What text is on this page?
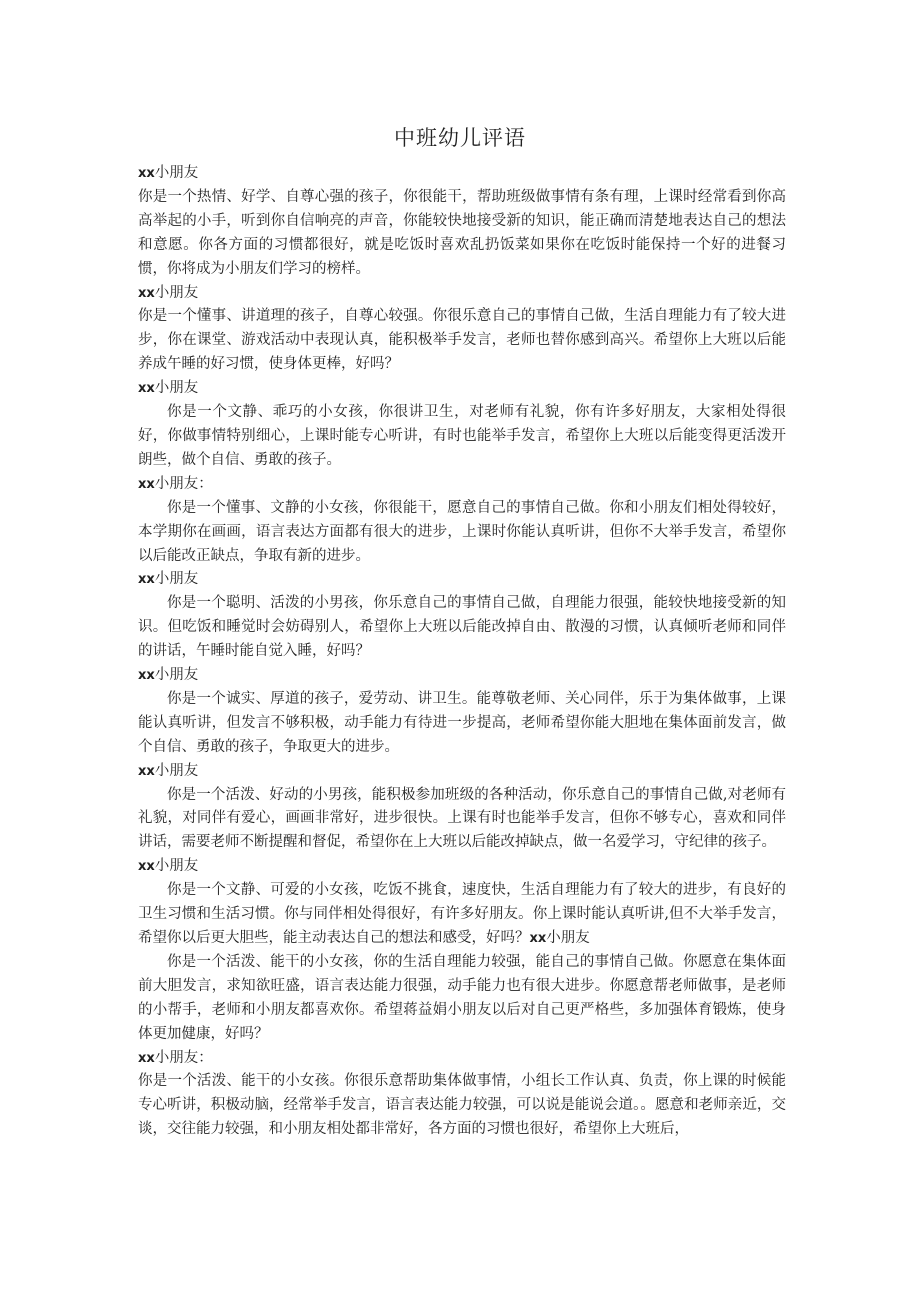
中班幼儿评语

xx小朋友

你是一个热情、好学、自尊心强的孩子，你很能干，帮助班级做事情有条有理，上课时经常看到你高高举起的小手，听到你自信响亮的声音，你能较快地接受新的知识，能正确而清楚地表达自己的想法和意愿。你各方面的习惯都很好，就是吃饭时喜欢乱扔饭菜如果你在吃饭时能保持一个好的进餐习惯，你将成为小朋友们学习的榜样。

xx小朋友

你是一个懂事、讲道理的孩子，自尊心较强。你很乐意自己的事情自己做，生活自理能力有了较大进步，你在课堂、游戏活动中表现认真，能积极举手发言，老师也替你感到高兴。希望你上大班以后能养成午睡的好习惯，使身体更棒，好吗？

xx小朋友

你是一个文静、乖巧的小女孩，你很讲卫生，对老师有礼貌，你有许多好朋友，大家相处得很好，你做事情特别细心，上课时能专心听讲，有时也能举手发言，希望你上大班以后能变得更活泼开朗些，做个自信、勇敢的孩子。

xx小朋友：

你是一个懂事、文静的小女孩，你很能干，愿意自己的事情自己做。你和小朋友们相处得较好，本学期你在画画，语言表达方面都有很大的进步，上课时你能认真听讲，但你不大举手发言，希望你以后能改正缺点，争取有新的进步。

xx小朋友

你是一个聪明、活泼的小男孩，你乐意自己的事情自己做，自理能力很强，能较快地接受新的知识。但吃饭和睡觉时会妨碍别人，希望你上大班以后能改掉自由、散漫的习惯，认真倾听老师和同伴的讲话，午睡时能自觉入睡，好吗？

xx小朋友

你是一个诚实、厚道的孩子，爱劳动、讲卫生。能尊敬老师、关心同伴，乐于为集体做事，上课能认真听讲，但发言不够积极，动手能力有待进一步提高，老师希望你能大胆地在集体面前发言，做个自信、勇敢的孩子，争取更大的进步。

xx小朋友

你是一个活泼、好动的小男孩，能积极参加班级的各种活动，你乐意自己的事情自己做,对老师有礼貌，对同伴有爱心，画画非常好，进步很快。上课有时也能举手发言，但你不够专心，喜欢和同伴讲话，需要老师不断提醒和督促，希望你在上大班以后能改掉缺点，做一名爱学习，守纪律的孩子。

xx小朋友

你是一个文静、可爱的小女孩，吃饭不挑食，速度快，生活自理能力有了较大的进步，有良好的卫生习惯和生活习惯。你与同伴相处得很好，有许多好朋友。你上课时能认真听讲,但不大举手发言，希望你以后更大胆些，能主动表达自己的想法和感受，好吗？xx小朋友

你是一个活泼、能干的小女孩，你的生活自理能力较强，能自己的事情自己做。你愿意在集体面前大胆发言，求知欲旺盛，语言表达能力很强，动手能力也有很大进步。你愿意帮老师做事，是老师的小帮手，老师和小朋友都喜欢你。希望蒋益娟小朋友以后对自己更严格些，多加强体育锻炼，使身体更加健康，好吗？

xx小朋友：

你是一个活泼、能干的小女孩。你很乐意帮助集体做事情，小组长工作认真、负责，你上课的时候能专心听讲，积极动脑，经常举手发言，语言表达能力较强，可以说是能说会道。。愿意和老师亲近，交谈，交往能力较强，和小朋友相处都非常好，各方面的习惯也很好，希望你上大班后，
